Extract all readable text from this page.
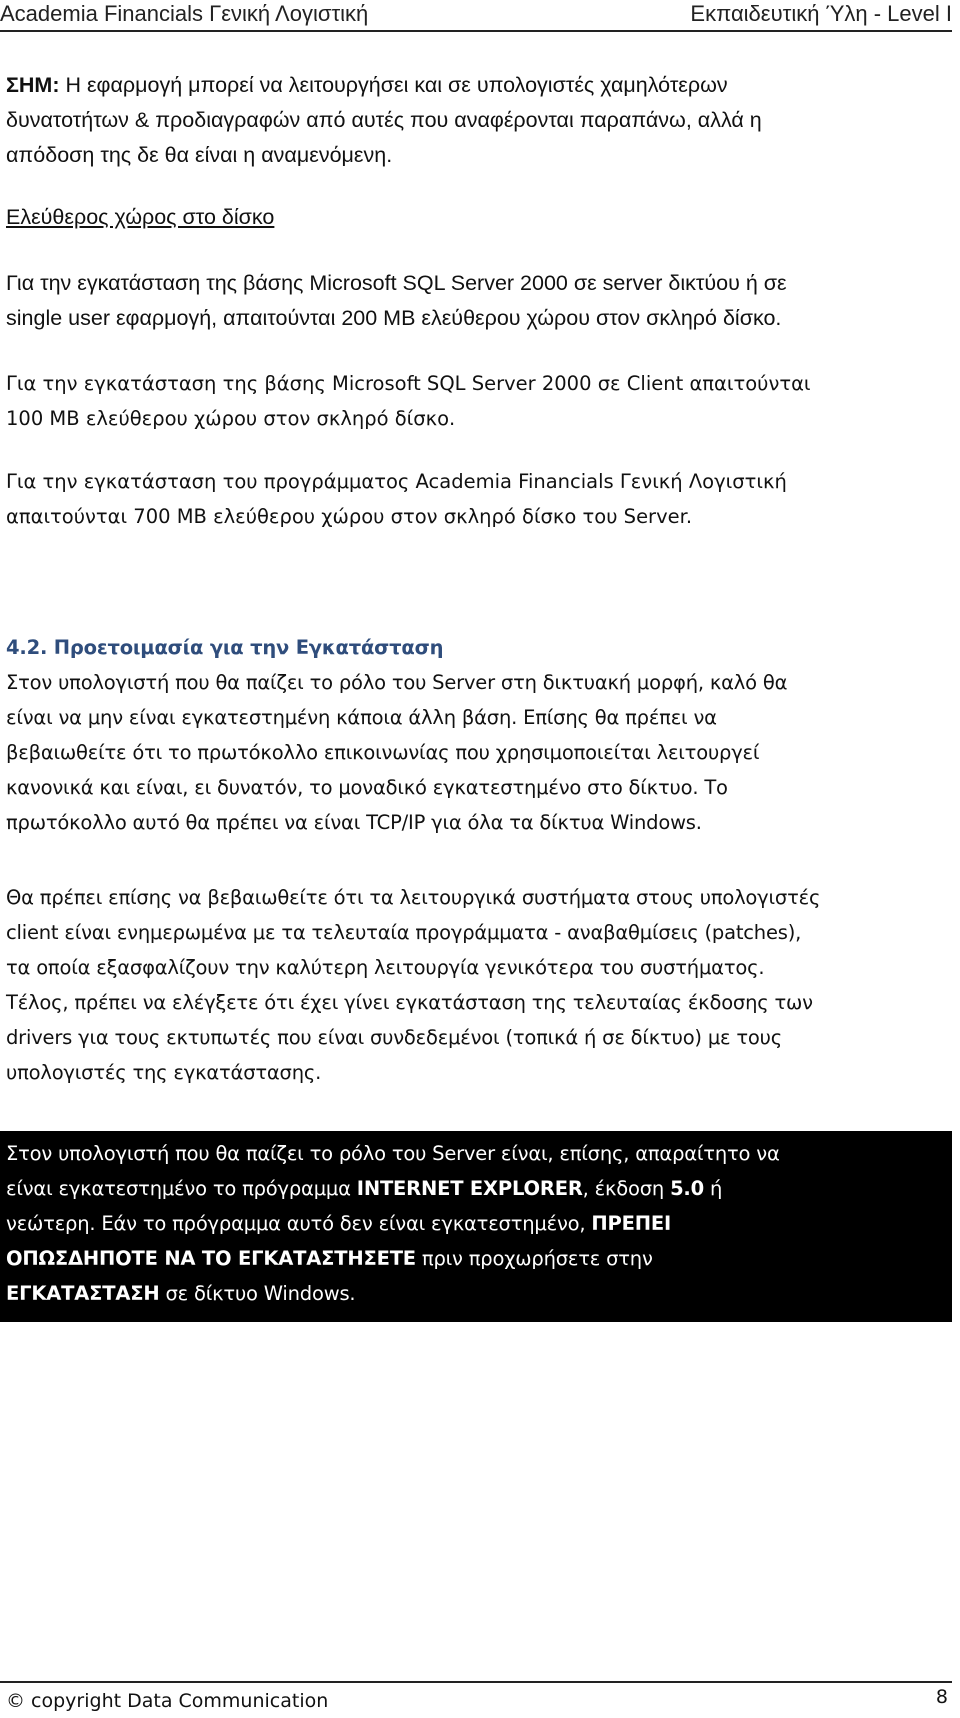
Academia Financials Γενική Λογιστική	Εκπαιδευτική Ύλη - Level I
ΣΗΜ: Η εφαρμογή μπορεί να λειτουργήσει και σε υπολογιστές χαμηλότερων
δυνατοτήτων & προδιαγραφών από αυτές που αναφέρονται παραπάνω, αλλά η
απόδοση της δε θα είναι η αναμενόμενη.
Ελεύθερος χώρος στο δίσκο
Για την εγκατάσταση της βάσης Microsoft SQL Server 2000 σε server δικτύου ή σε
single user εφαρμογή, απαιτούνται 200 MB ελεύθερου χώρου στον σκληρό δίσκο.
Για την εγκατάσταση της βάσης Microsoft SQL Server 2000 σε Client απαιτούνται
100 MB ελεύθερου χώρου στον σκληρό δίσκο.
Για την εγκατάσταση του προγράμματος Academia Financials Γενική Λογιστική
απαιτούνται 700 MB ελεύθερου χώρου στον σκληρό δίσκο του Server.
4.2. Προετοιμασία για την Εγκατάσταση
Στον υπολογιστή που θα παίζει το ρόλο του Server στη δικτυακή μορφή, καλό θα
είναι να μην είναι εγκατεστημένη κάποια άλλη βάση. Επίσης θα πρέπει να
βεβαιωθείτε ότι το πρωτόκολλο επικοινωνίας που χρησιμοποιείται λειτουργεί
κανονικά και είναι, ει δυνατόν, το μοναδικό εγκατεστημένο στο δίκτυο. Το
πρωτόκολλο αυτό θα πρέπει να είναι TCP/IP για όλα τα δίκτυα Windows.
Θα πρέπει επίσης να βεβαιωθείτε ότι τα λειτουργικά συστήματα στους υπολογιστές
client είναι ενημερωμένα με τα τελευταία προγράμματα - αναβαθμίσεις (patches),
τα οποία εξασφαλίζουν την καλύτερη λειτουργία γενικότερα του συστήματος.
Τέλος, πρέπει να ελέγξετε ότι έχει γίνει εγκατάσταση της τελευταίας έκδοσης των
drivers για τους εκτυπωτές που είναι συνδεδεμένοι (τοπικά ή σε δίκτυο) με τους
υπολογιστές της εγκατάστασης.
Στον υπολογιστή που θα παίζει το ρόλο του Server είναι, επίσης, απαραίτητο να
είναι εγκατεστημένο το πρόγραμμα INTERNET EXPLORER, έκδοση 5.0 ή
νεώτερη. Εάν το πρόγραμμα αυτό δεν είναι εγκατεστημένο, ΠΡΕΠΕΙ
ΟΠΩΣΔΗΠΟΤΕ ΝΑ ΤΟ ΕΓΚΑΤΑΣΤΗΣΕΤΕ πριν προχωρήσετε στην
ΕΓΚΑΤΑΣΤΑΣΗ σε δίκτυο Windows.
© copyright Data Communication	8
